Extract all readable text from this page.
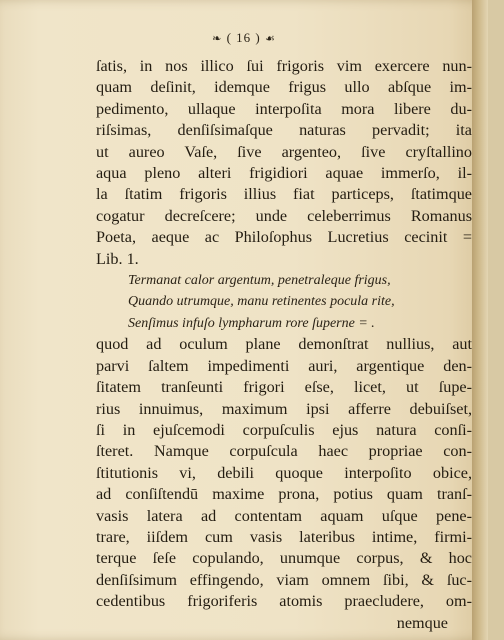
❧ ( 16 ) ☙
ſatis, in nos illico ſui frigoris vim exercere nun-
quam deſinit, idemque frigus ullo abſque im-
pedimento, ullaque interpoſita mora libere du-
riſsimas, denſiſsimaſque naturas pervadit; ita
ut aureo Vaſe, ſive argenteo, ſive cryſtallino
aqua pleno alteri frigidiori aquae immerſo, il-
la ſtatim frigoris illius fiat particeps, ſtatimque
cogatur decreſcere; unde celeberrimus Romanus
Poeta, aeque ac Philoſophus Lucretius cecinit =
Lib. 1.
Termanat calor argentum, penetraleque frigus,
Quando utrumque, manu retinentes pocula rite,
Senſimus infuſo lympharum rore ſuperne = .
quod ad oculum plane demonſtrat nullius, aut
parvi ſaltem impedimenti auri, argentique den-
ſitatem tranſeunti frigori eſse, licet, ut ſupe-
rius innuimus, maximum ipsi afferre debuiſset,
ſi in ejuſcemodi corpuſculis ejus natura conſi-
ſteret. Namque corpuſcula haec propriae con-
ſtitutionis vi, debili quoque interpoſito obice,
ad conſiſtendū maxime prona, potius quam tranſ-
vasis latera ad contentam aquam uſque pene-
trare, iiſdem cum vasis lateribus intime, firmi-
terque ſeſe copulando, unumque corpus, & hoc
denſiſsimum effingendo, viam omnem ſibi, & ſuc-
cedentibus frigoriferis atomis praecludere, om-
nemque
